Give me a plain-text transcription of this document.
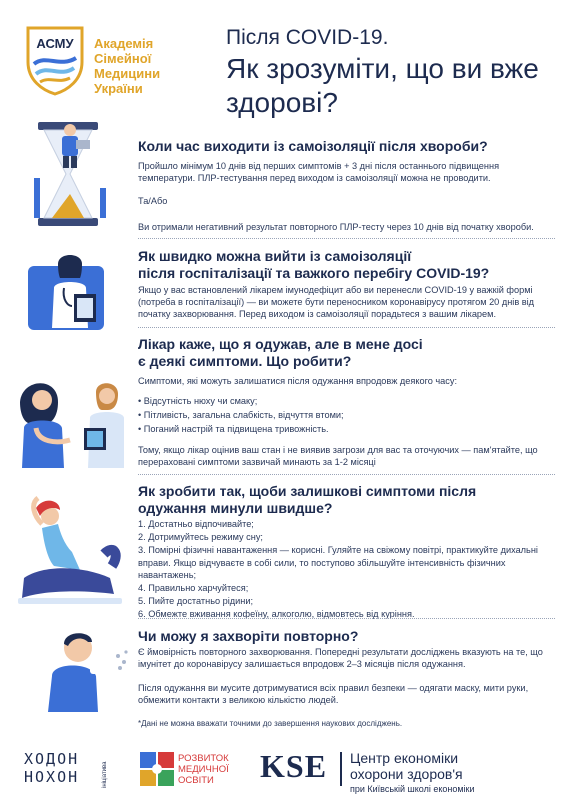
АСМУ Академія
Сімейної
Медицини
України
Після COVID-19.
Як зрозуміти, що ви вже здорові?
Коли час виходити із самоізоляції після хвороби?
Пройшло мінімум 10 днів від перших симптомів + 3 дні після останнього підвищення температури. ПЛР-тестування перед виходом із самоізоляції можна не проводити.
Та/Або
Ви отримали негативний результат повторного ПЛР-тесту через 10 днів від початку хвороби.
Як швидко можна вийти із самоізоляції
після госпіталізації та важкого перебігу COVID-19?
Якщо у вас встановлений лікарем імунодефіцит або ви перенесли COVID-19 у важкій формі (потреба в госпіталізації) — ви можете бути переносником коронавірусу протягом 20 днів від початку захворювання. Перед виходом із самоізоляції порадьтеся з вашим лікарем.
Лікар каже, що я одужав, але в мене досі
є деякі симптоми. Що робити?
Симптоми, які можуть залишатися після одужання впродовж деякого часу:
• Відсутність нюху чи смаку;
• Пітливість, загальна слабкість, відчуття втоми;
• Поганий настрій та підвищена тривожність.
Тому, якщо лікар оцінив ваш стан і не виявив загрози для вас та оточуючих — пам'ятайте, що перераховані симптоми зазвичай минають за 1-2 місяці
Як зробити так, щоби залишкові симптоми після
одужання минули швидше?
1. Достатньо відпочивайте;
2. Дотримуйтесь режиму сну;
3. Помірні фізичні навантаження — корисні. Гуляйте на свіжому повітрі, практикуйте дихальні вправи. Якщо відчуваєте в собі сили, то поступово збільшуйте інтенсивність фізичних навантажень;
4. Правильно харчуйтеся;
5. Пийте достатньо рідини;
6. Обмежте вживання кофеїну, алкоголю, відмовтесь від куріння.
Чи можу я захворіти повторно?
Є ймовірність повторного захворювання. Попередні результати досліджень вказують на те, що імунітет до коронавірусу залишається впродовж 2–3 місяців після одужання.
Після одужання ви мусите дотримуватися всіх правил безпеки — одягати маску, мити руки, обмежити контакти з великою кількістю людей.
*Дані не можна вважати точними до завершення наукових досліджень.
ХОДОН
НОХОН	ініціатива
РОЗВИТОК
МЕДИЧНОЇ
ОСВІТИ	KSE Центр економіки
охорони здоров'я
при Київській школі економіки
